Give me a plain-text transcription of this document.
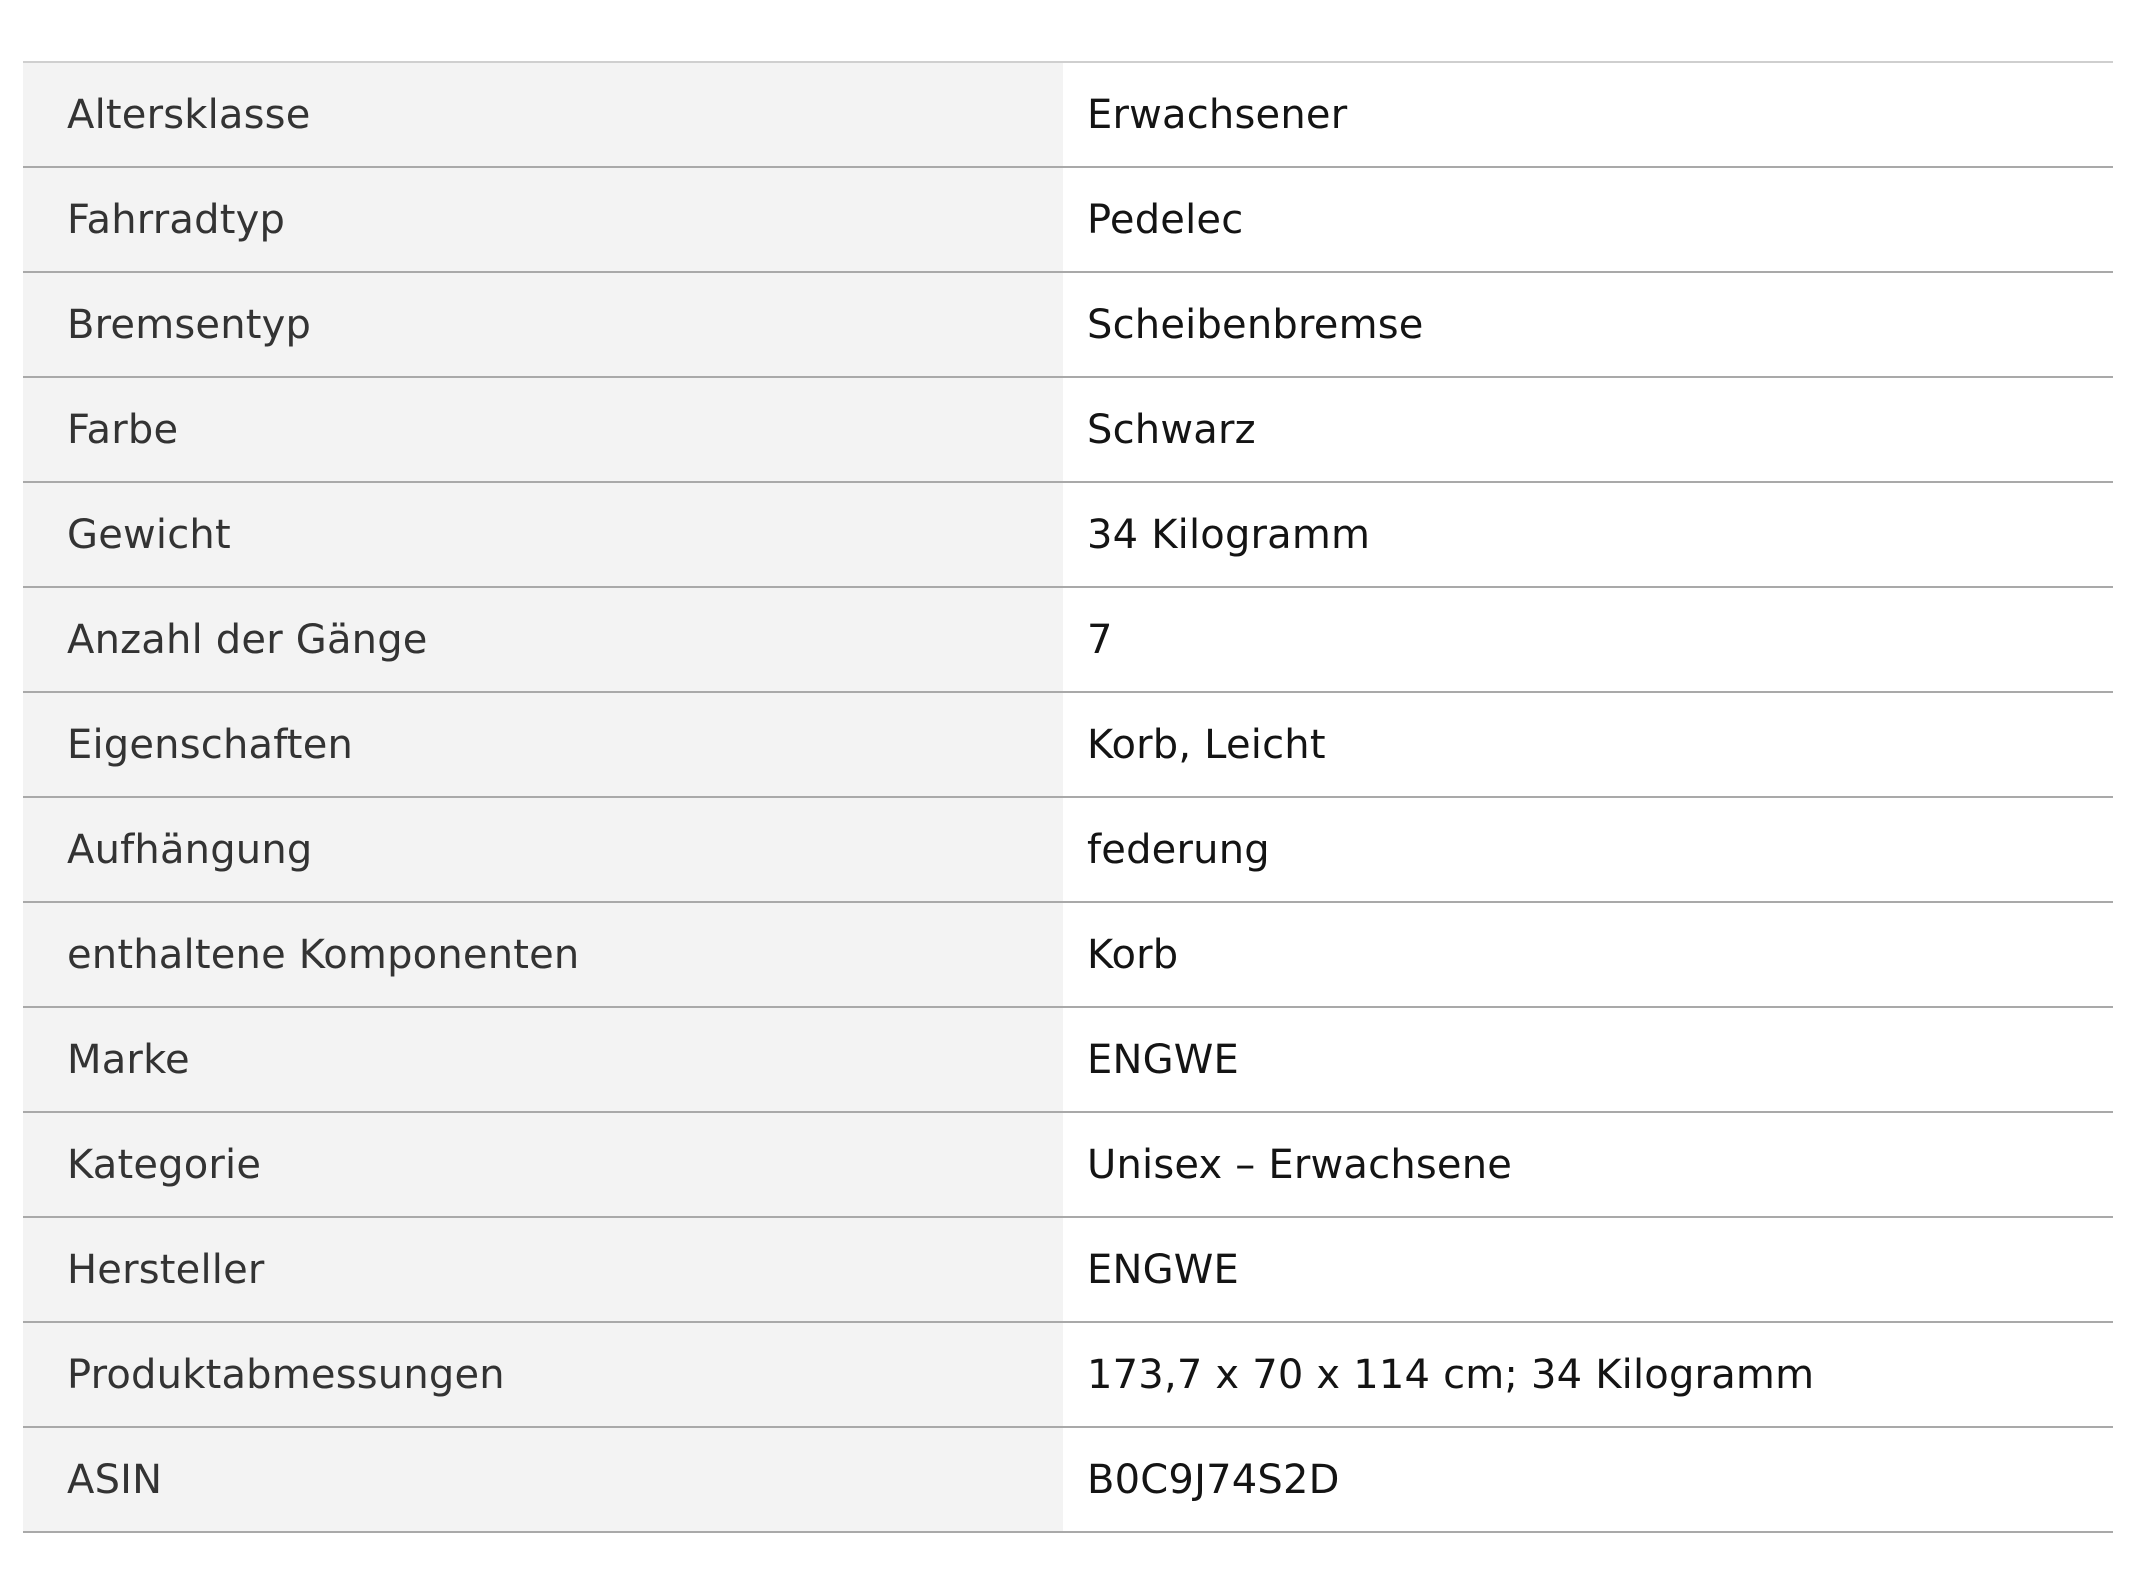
Altersklasse	Erwachsener
Fahrradtyp	Pedelec
Bremsentyp	Scheibenbremse
Farbe	Schwarz
Gewicht	34 Kilogramm
Anzahl der Gänge	7
Eigenschaften	Korb, Leicht
Aufhängung	federung
enthaltene Komponenten	Korb
Marke	ENGWE
Kategorie	Unisex – Erwachsene
Hersteller	ENGWE
Produktabmessungen	173,7 x 70 x 114 cm; 34 Kilogramm
ASIN	B0C9J74S2D
